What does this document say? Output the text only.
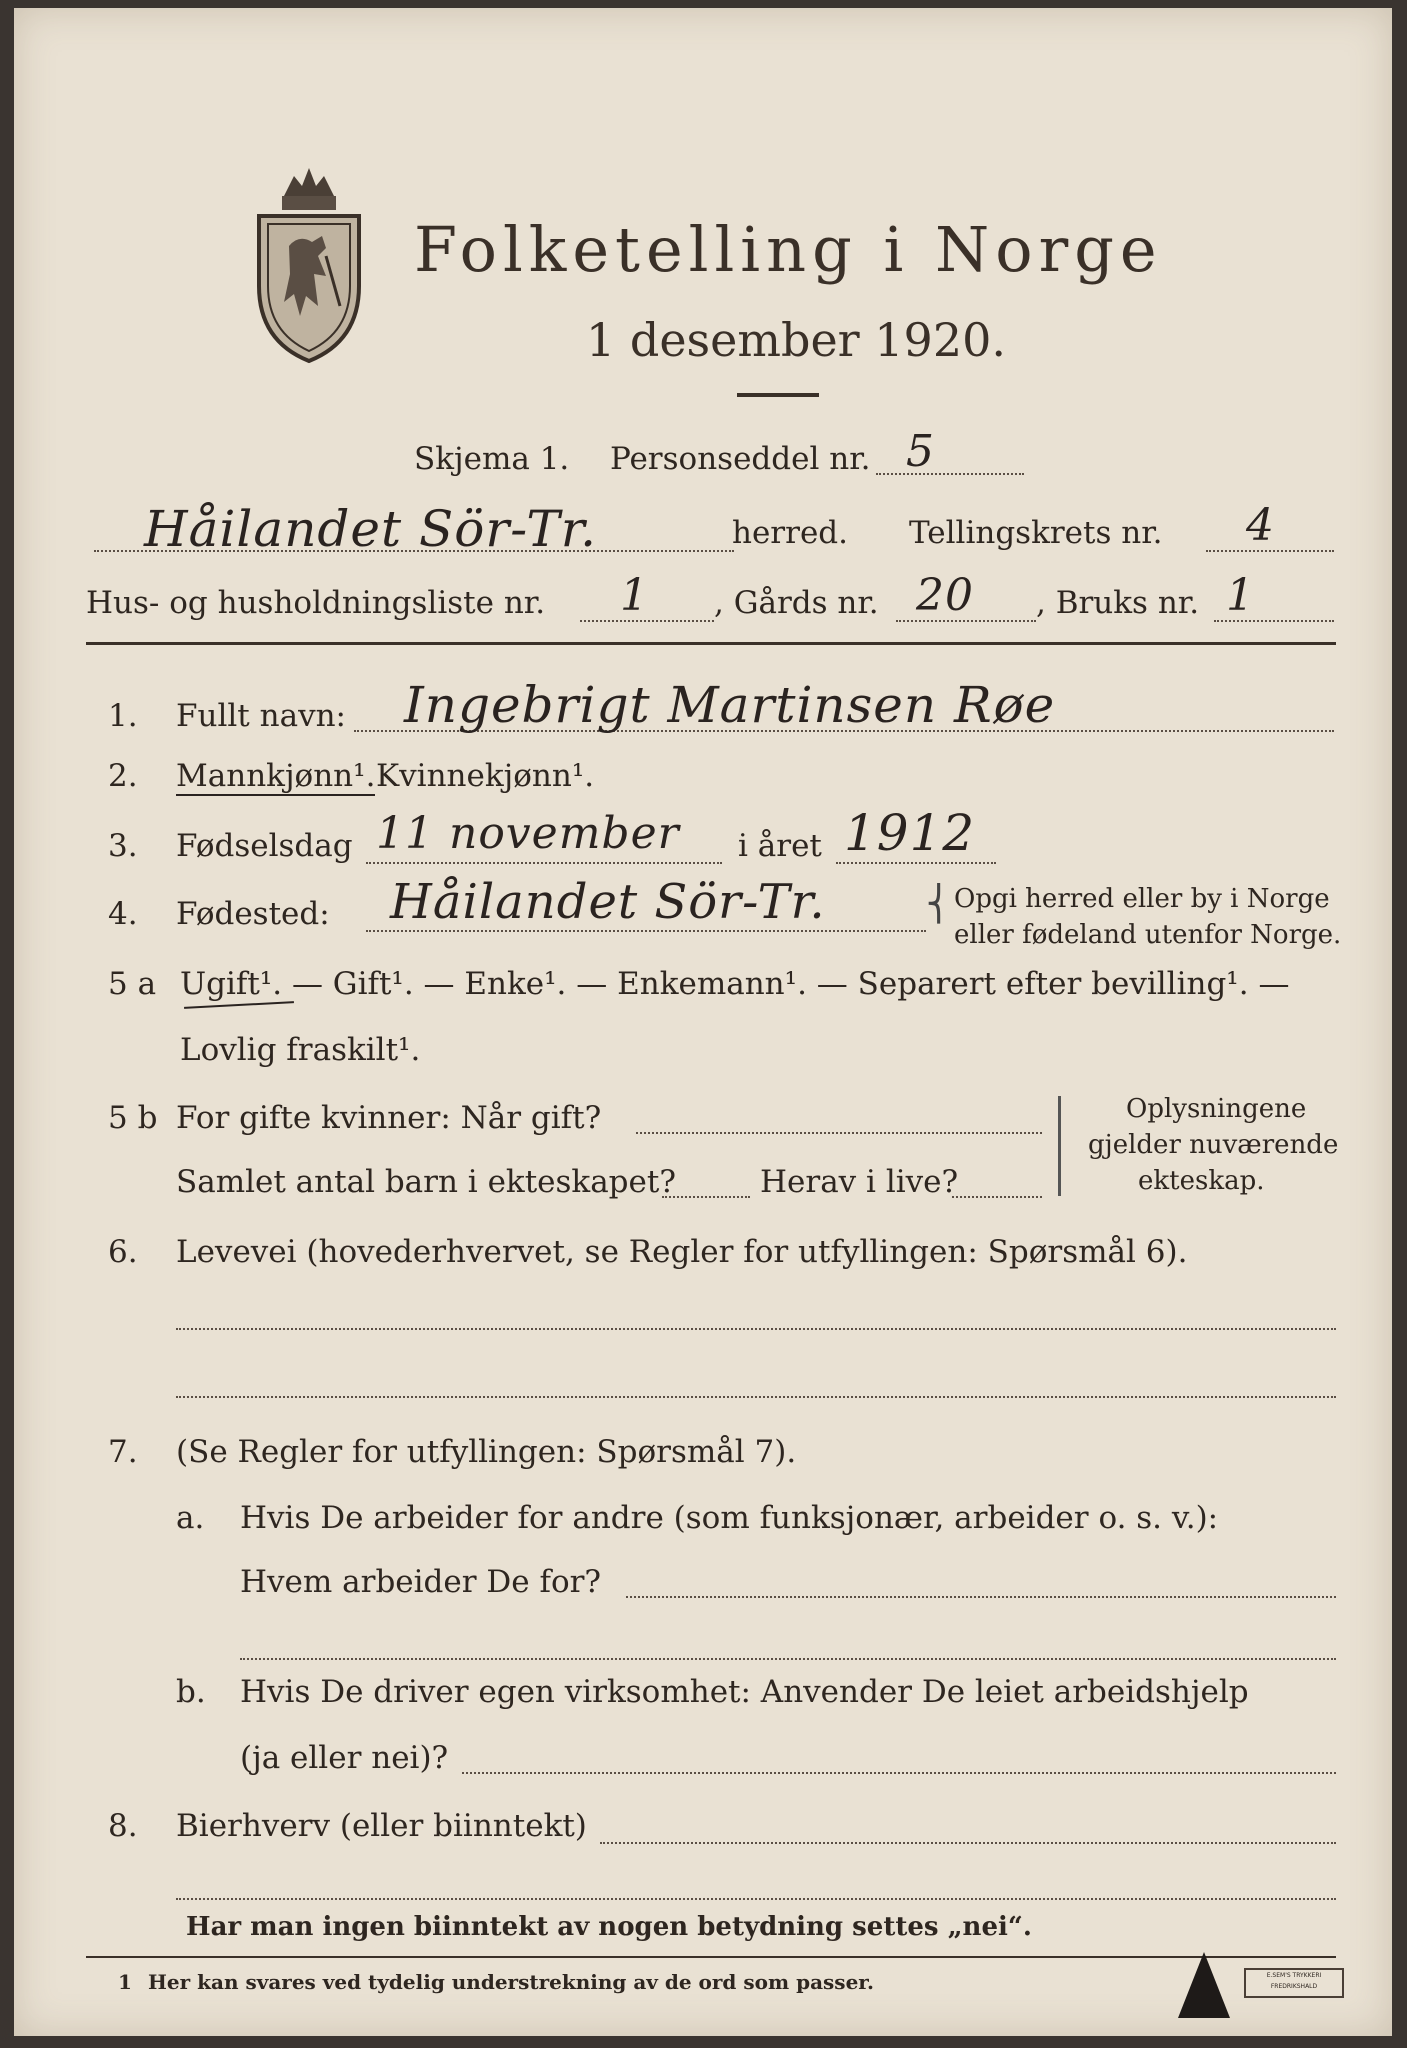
Folketelling i Norge
1 desember 1920.
Skjema 1. Personseddel nr. 5
Håilandet Sör-Tr.	herred. Tellingskrets nr. 4
Hus- og husholdningsliste nr. 1 , Gårds nr. 20 , Bruks nr. 1
1. Fullt navn: Ingebrigt Martinsen Røe
2. Mannkjønn¹. Kvinnekjønn¹.
3. Fødselsdag 11 november i året 1912
4. Fødested: Håilandet Sör-Tr.	⎨ Opgi herred eller by i Norge
eller fødeland utenfor Norge.
5 a Ugift¹. — Gift¹. — Enke¹. — Enkemann¹. — Separert efter bevilling¹. —
Lovlig fraskilt¹.
5 b For gifte kvinner: Når gift?
Samlet antal barn i ekteskapet?	Herav i live?
Oplysningene
gjelder nuværende
ekteskap.
6. Levevei (hovederhvervet, se Regler for utfyllingen: Spørsmål 6).
7. (Se Regler for utfyllingen: Spørsmål 7).
a. Hvis De arbeider for andre (som funksjonær, arbeider o. s. v.):
Hvem arbeider De for?
b. Hvis De driver egen virksomhet: Anvender De leiet arbeidshjelp
(ja eller nei)?
8. Bierhverv (eller biinntekt)
Har man ingen biinntekt av nogen betydning settes „nei“.
1 Her kan svares ved tydelig understrekning av de ord som passer.	E.SEM'S TRYKKERI FREDRIKSHALD
